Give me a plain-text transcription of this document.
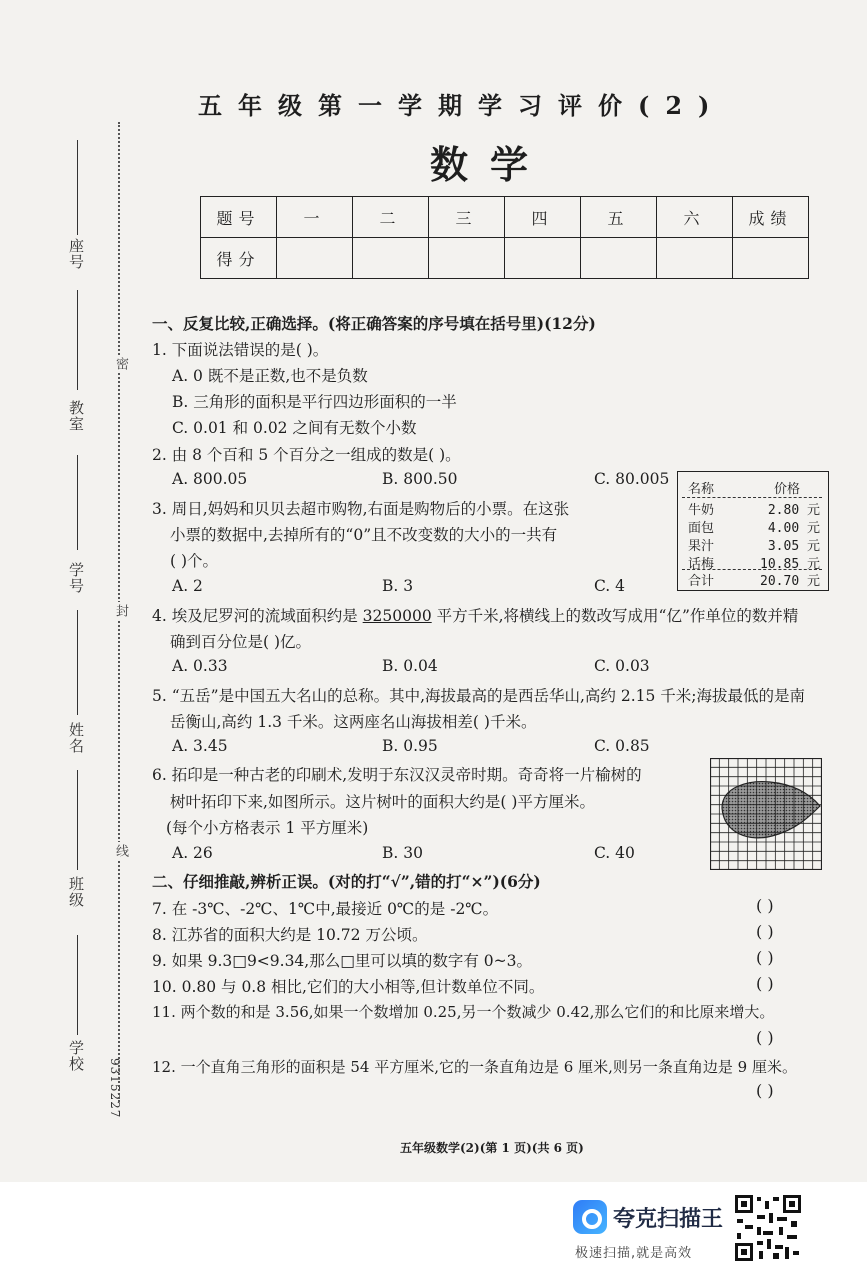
座号
教室
学号
姓名
班级
学校
9315227
密
封
线
五年级第一学期学习评价(2)
数学
题号	一	二	三	四	五	六	成绩
得分							
一、反复比较,正确选择。(将正确答案的序号填在括号里)(12分)
1. 下面说法错误的是( )。
A. 0 既不是正数,也不是负数
B. 三角形的面积是平行四边形面积的一半
C. 0.01 和 0.02 之间有无数个小数
2. 由 8 个百和 5 个百分之一组成的数是( )。
A. 800.05	B. 800.50	C. 80.005
3. 周日,妈妈和贝贝去超市购物,右面是购物后的小票。在这张
小票的数据中,去掉所有的“0”且不改变数的大小的一共有
( )个。
A. 2	B. 3	C. 4
名称	价格
牛奶	2.80 元
面包	4.00 元
果汁	3.05 元
话梅	10.85 元
合计	20.70 元
4. 埃及尼罗河的流域面积约是 3250000 平方千米,将横线上的数改写成用“亿”作单位的数并精
确到百分位是( )亿。
A. 0.33	B. 0.04	C. 0.03
5. “五岳”是中国五大名山的总称。其中,海拔最高的是西岳华山,高约 2.15 千米;海拔最低的是南
岳衡山,高约 1.3 千米。这两座名山海拔相差( )千米。
A. 3.45	B. 0.95	C. 0.85
6. 拓印是一种古老的印刷术,发明于东汉汉灵帝时期。奇奇将一片榆树的
树叶拓印下来,如图所示。这片树叶的面积大约是( )平方厘米。
(每个小方格表示 1 平方厘米)
A. 26	B. 30	C. 40
二、仔细推敲,辨析正误。(对的打“√”,错的打“×”)(6分)
7. 在 -3℃、-2℃、1℃中,最接近 0℃的是 -2℃。	( )
8. 江苏省的面积大约是 10.72 万公顷。	( )
9. 如果 9.3□9<9.34,那么□里可以填的数字有 0~3。	( )
10. 0.80 与 0.8 相比,它们的大小相等,但计数单位不同。	( )
11. 两个数的和是 3.56,如果一个数增加 0.25,另一个数减少 0.42,那么它们的和比原来增大。
( )
12. 一个直角三角形的面积是 54 平方厘米,它的一条直角边是 6 厘米,则另一条直角边是 9 厘米。
( )
五年级数学(2)(第 1 页)(共 6 页)
夸克扫描王
极速扫描,就是高效
